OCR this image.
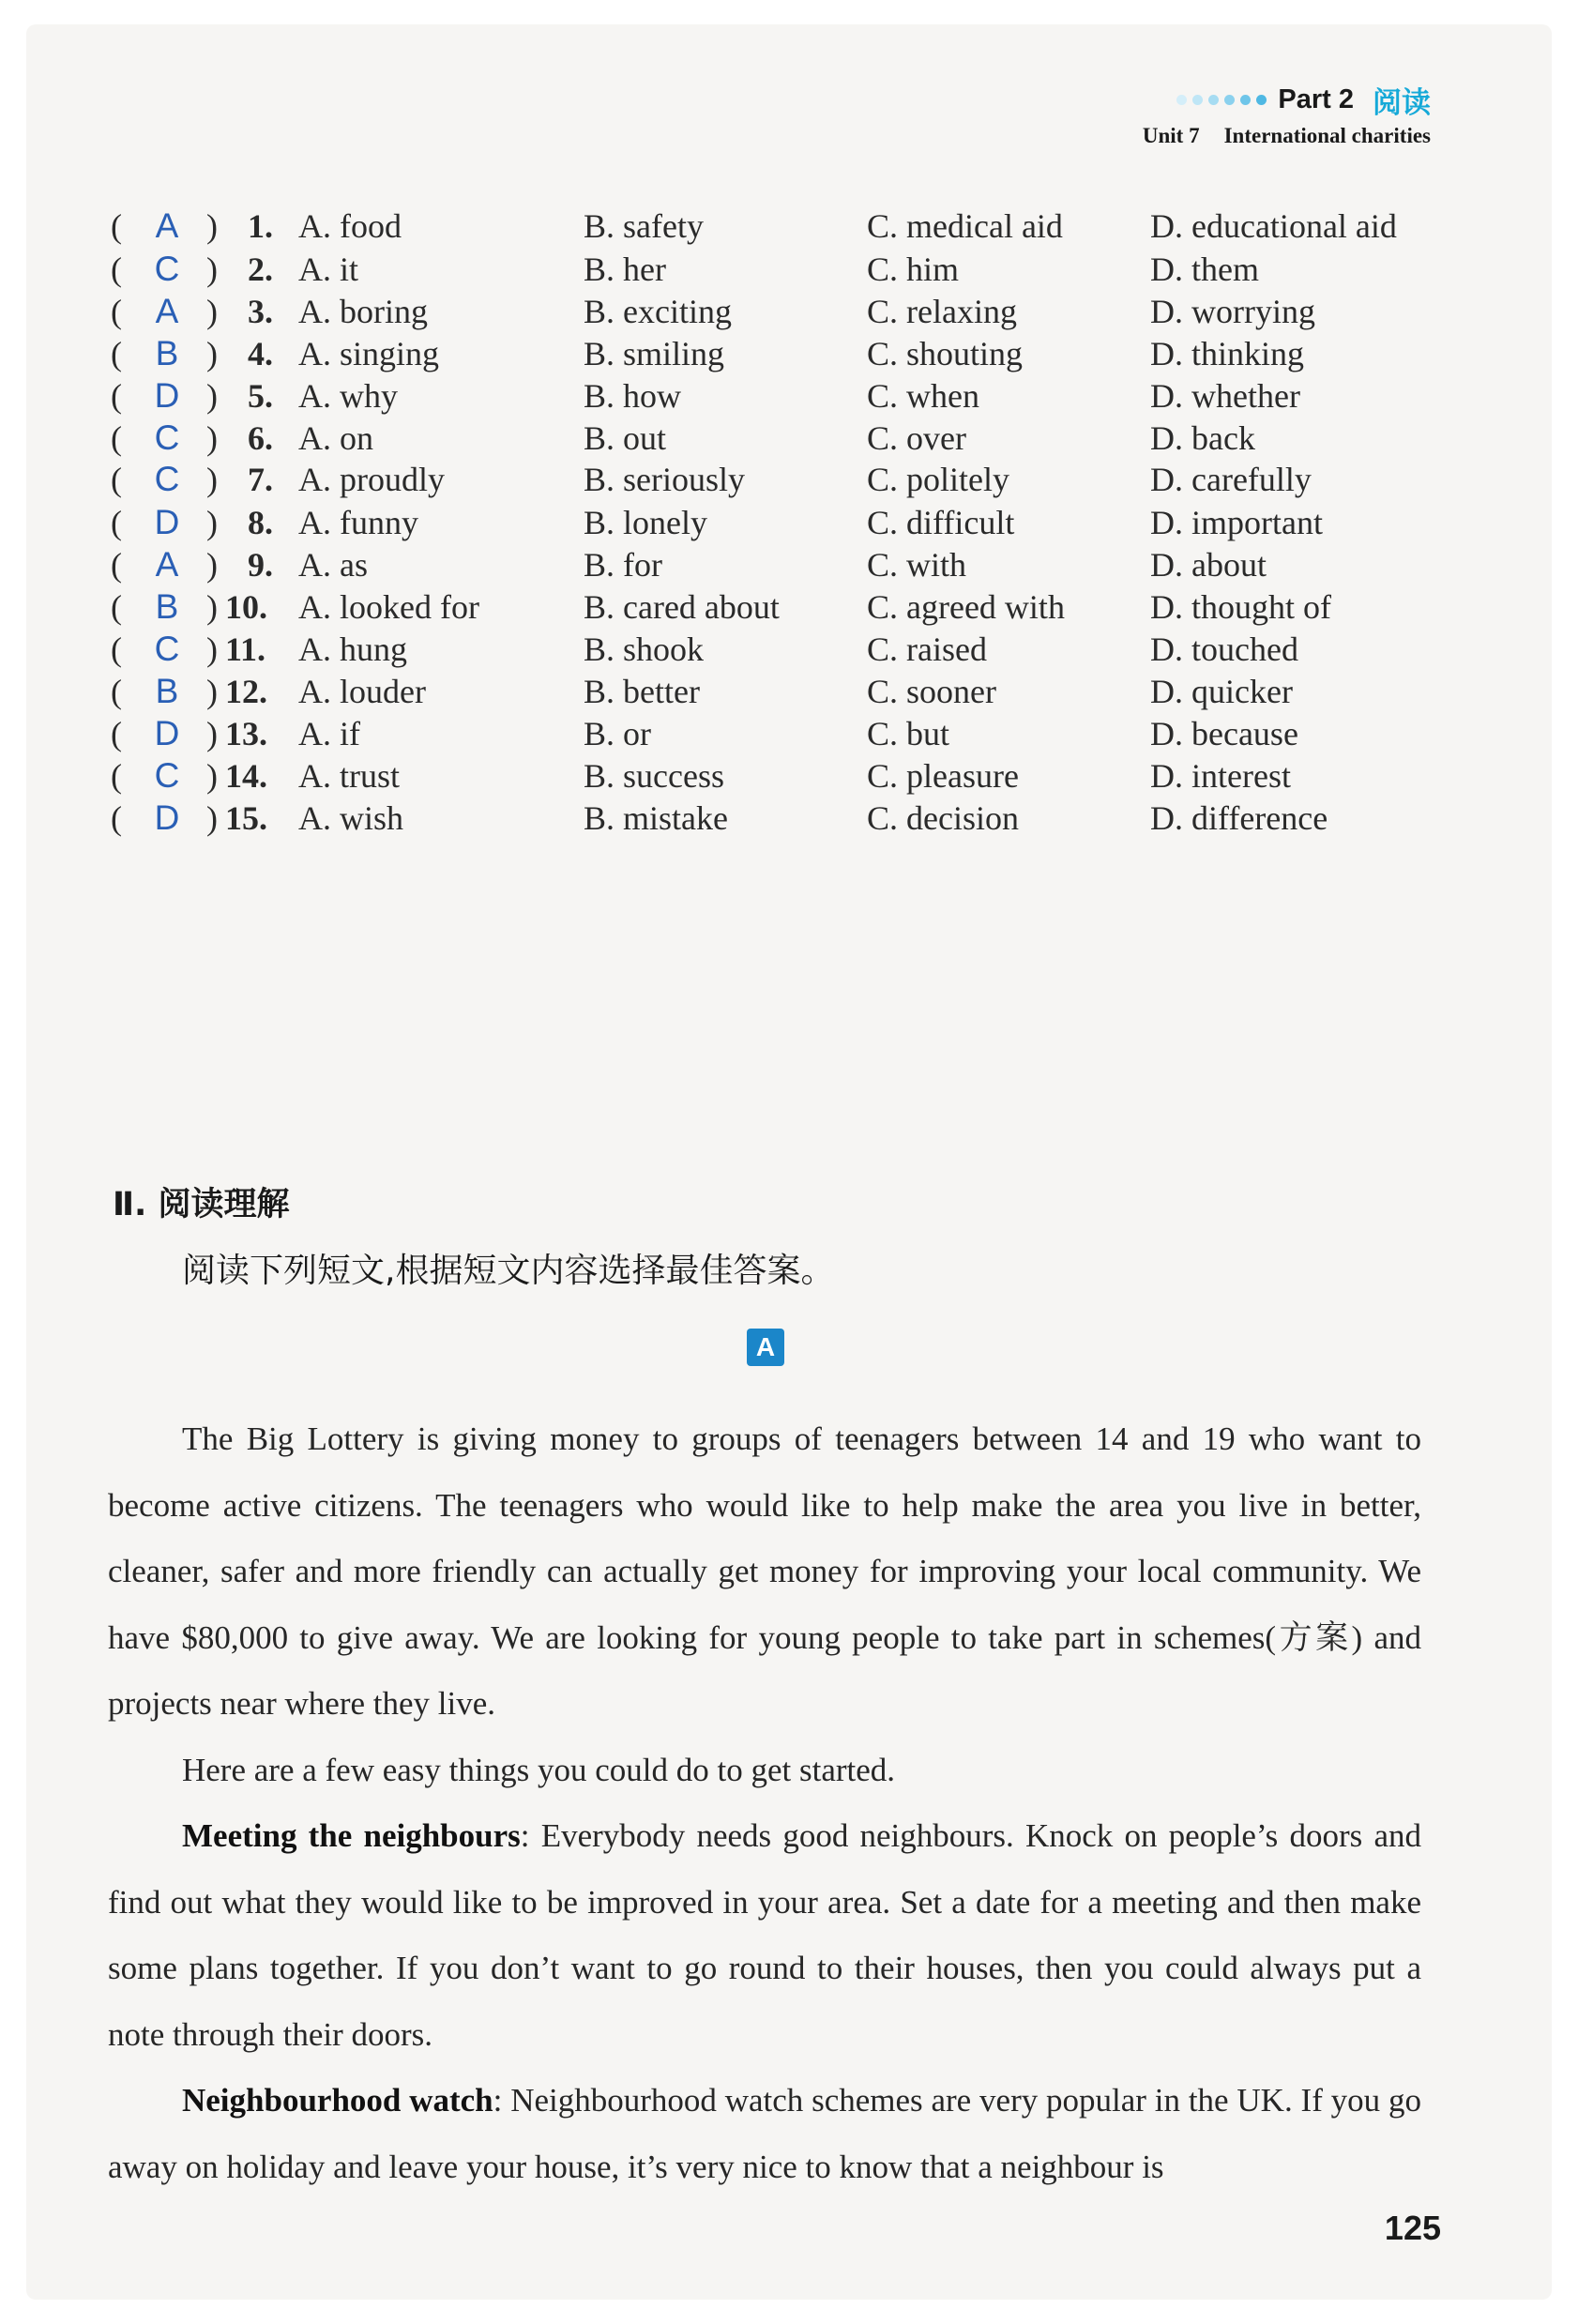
Part 2 阅读
Unit 7 International charities
( A ) 1. A. food	B. safety	C. medical aid	D. educational aid
( C ) 2. A. it	B. her	C. him	D. them
( A ) 3. A. boring	B. exciting	C. relaxing	D. worrying
( B ) 4. A. singing	B. smiling	C. shouting	D. thinking
( D ) 5. A. why	B. how	C. when	D. whether
( C ) 6. A. on	B. out	C. over	D. back
( C ) 7. A. proudly	B. seriously	C. politely	D. carefully
( D ) 8. A. funny	B. lonely	C. difficult	D. important
( A ) 9. A. as	B. for	C. with	D. about
( B ) 10. A. looked for	B. cared about	C. agreed with	D. thought of
( C ) 11. A. hung	B. shook	C. raised	D. touched
( B ) 12. A. louder	B. better	C. sooner	D. quicker
( D ) 13. A. if	B. or	C. but	D. because
( C ) 14. A. trust	B. success	C. pleasure	D. interest
( D ) 15. A. wish	B. mistake	C. decision	D. difference
Ⅱ. 阅读理解
阅读下列短文,根据短文内容选择最佳答案。
A

The Big Lottery is giving money to groups of teenagers between 14 and 19 who want to become active citizens. The teenagers who would like to help make the area you live in better, cleaner, safer and more friendly can actually get money for improving your local community. We have $80,000 to give away. We are looking for young people to take part in schemes(方案) and projects near where they live.

Here are a few easy things you could do to get started.

Meeting the neighbours: Everybody needs good neighbours. Knock on people’s doors and find out what they would like to be improved in your area. Set a date for a meeting and then make some plans together. If you don’t want to go round to their houses, then you could always put a note through their doors.

Neighbourhood watch: Neighbourhood watch schemes are very popular in the UK. If you go away on holiday and leave your house, it’s very nice to know that a neighbour is

125
